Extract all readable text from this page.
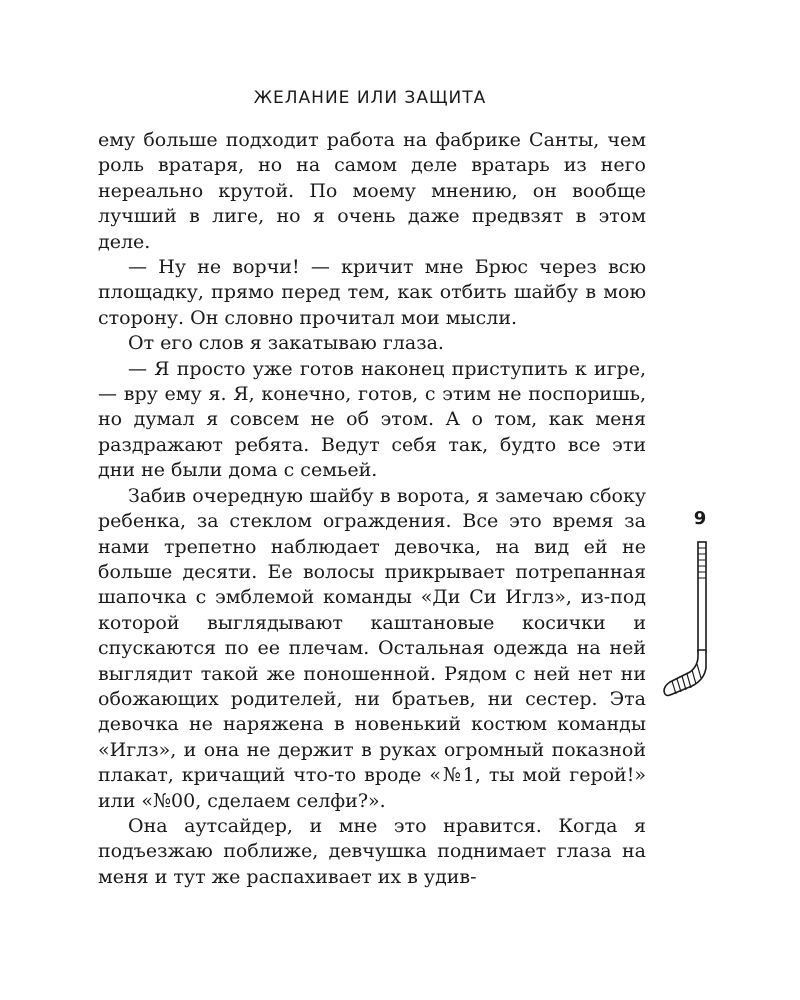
ЖЕЛАНИЕ ИЛИ ЗАЩИТА

ему больше подходит работа на фабрике Санты, чем роль вратаря, но на самом деле вратарь из него нереально крутой. По моему мнению, он вообще лучший в лиге, но я очень даже предвзят в этом деле.

— Ну не ворчи! — кричит мне Брюс через всю площадку, прямо перед тем, как отбить шайбу в мою сторону. Он словно прочитал мои мысли.

От его слов я закатываю глаза.

— Я просто уже готов наконец приступить к игре, — вру ему я. Я, конечно, готов, с этим не поспоришь, но думал я совсем не об этом. А о том, как меня раздражают ребята. Ведут себя так, будто все эти дни не были дома с семьей.

Забив очередную шайбу в ворота, я замечаю сбоку ребенка, за стеклом ограждения. Все это время за нами трепетно наблюдает девочка, на вид ей не больше десяти. Ее волосы прикрывает потрепанная шапочка с эмблемой команды «Ди Си Иглз», из-под которой выглядывают каштановые косички и спускаются по ее плечам. Остальная одежда на ней выглядит такой же поношенной. Рядом с ней нет ни обожающих родителей, ни братьев, ни сестер. Эта девочка не наряжена в новенький костюм команды «Иглз», и она не держит в руках огромный показной плакат, кричащий что-то вроде «№1, ты мой герой!» или «№00, сделаем селфи?».

Она аутсайдер, и мне это нравится. Когда я подъезжаю поближе, девчушка поднимает глаза на меня и тут же распахивает их в удив-

9
